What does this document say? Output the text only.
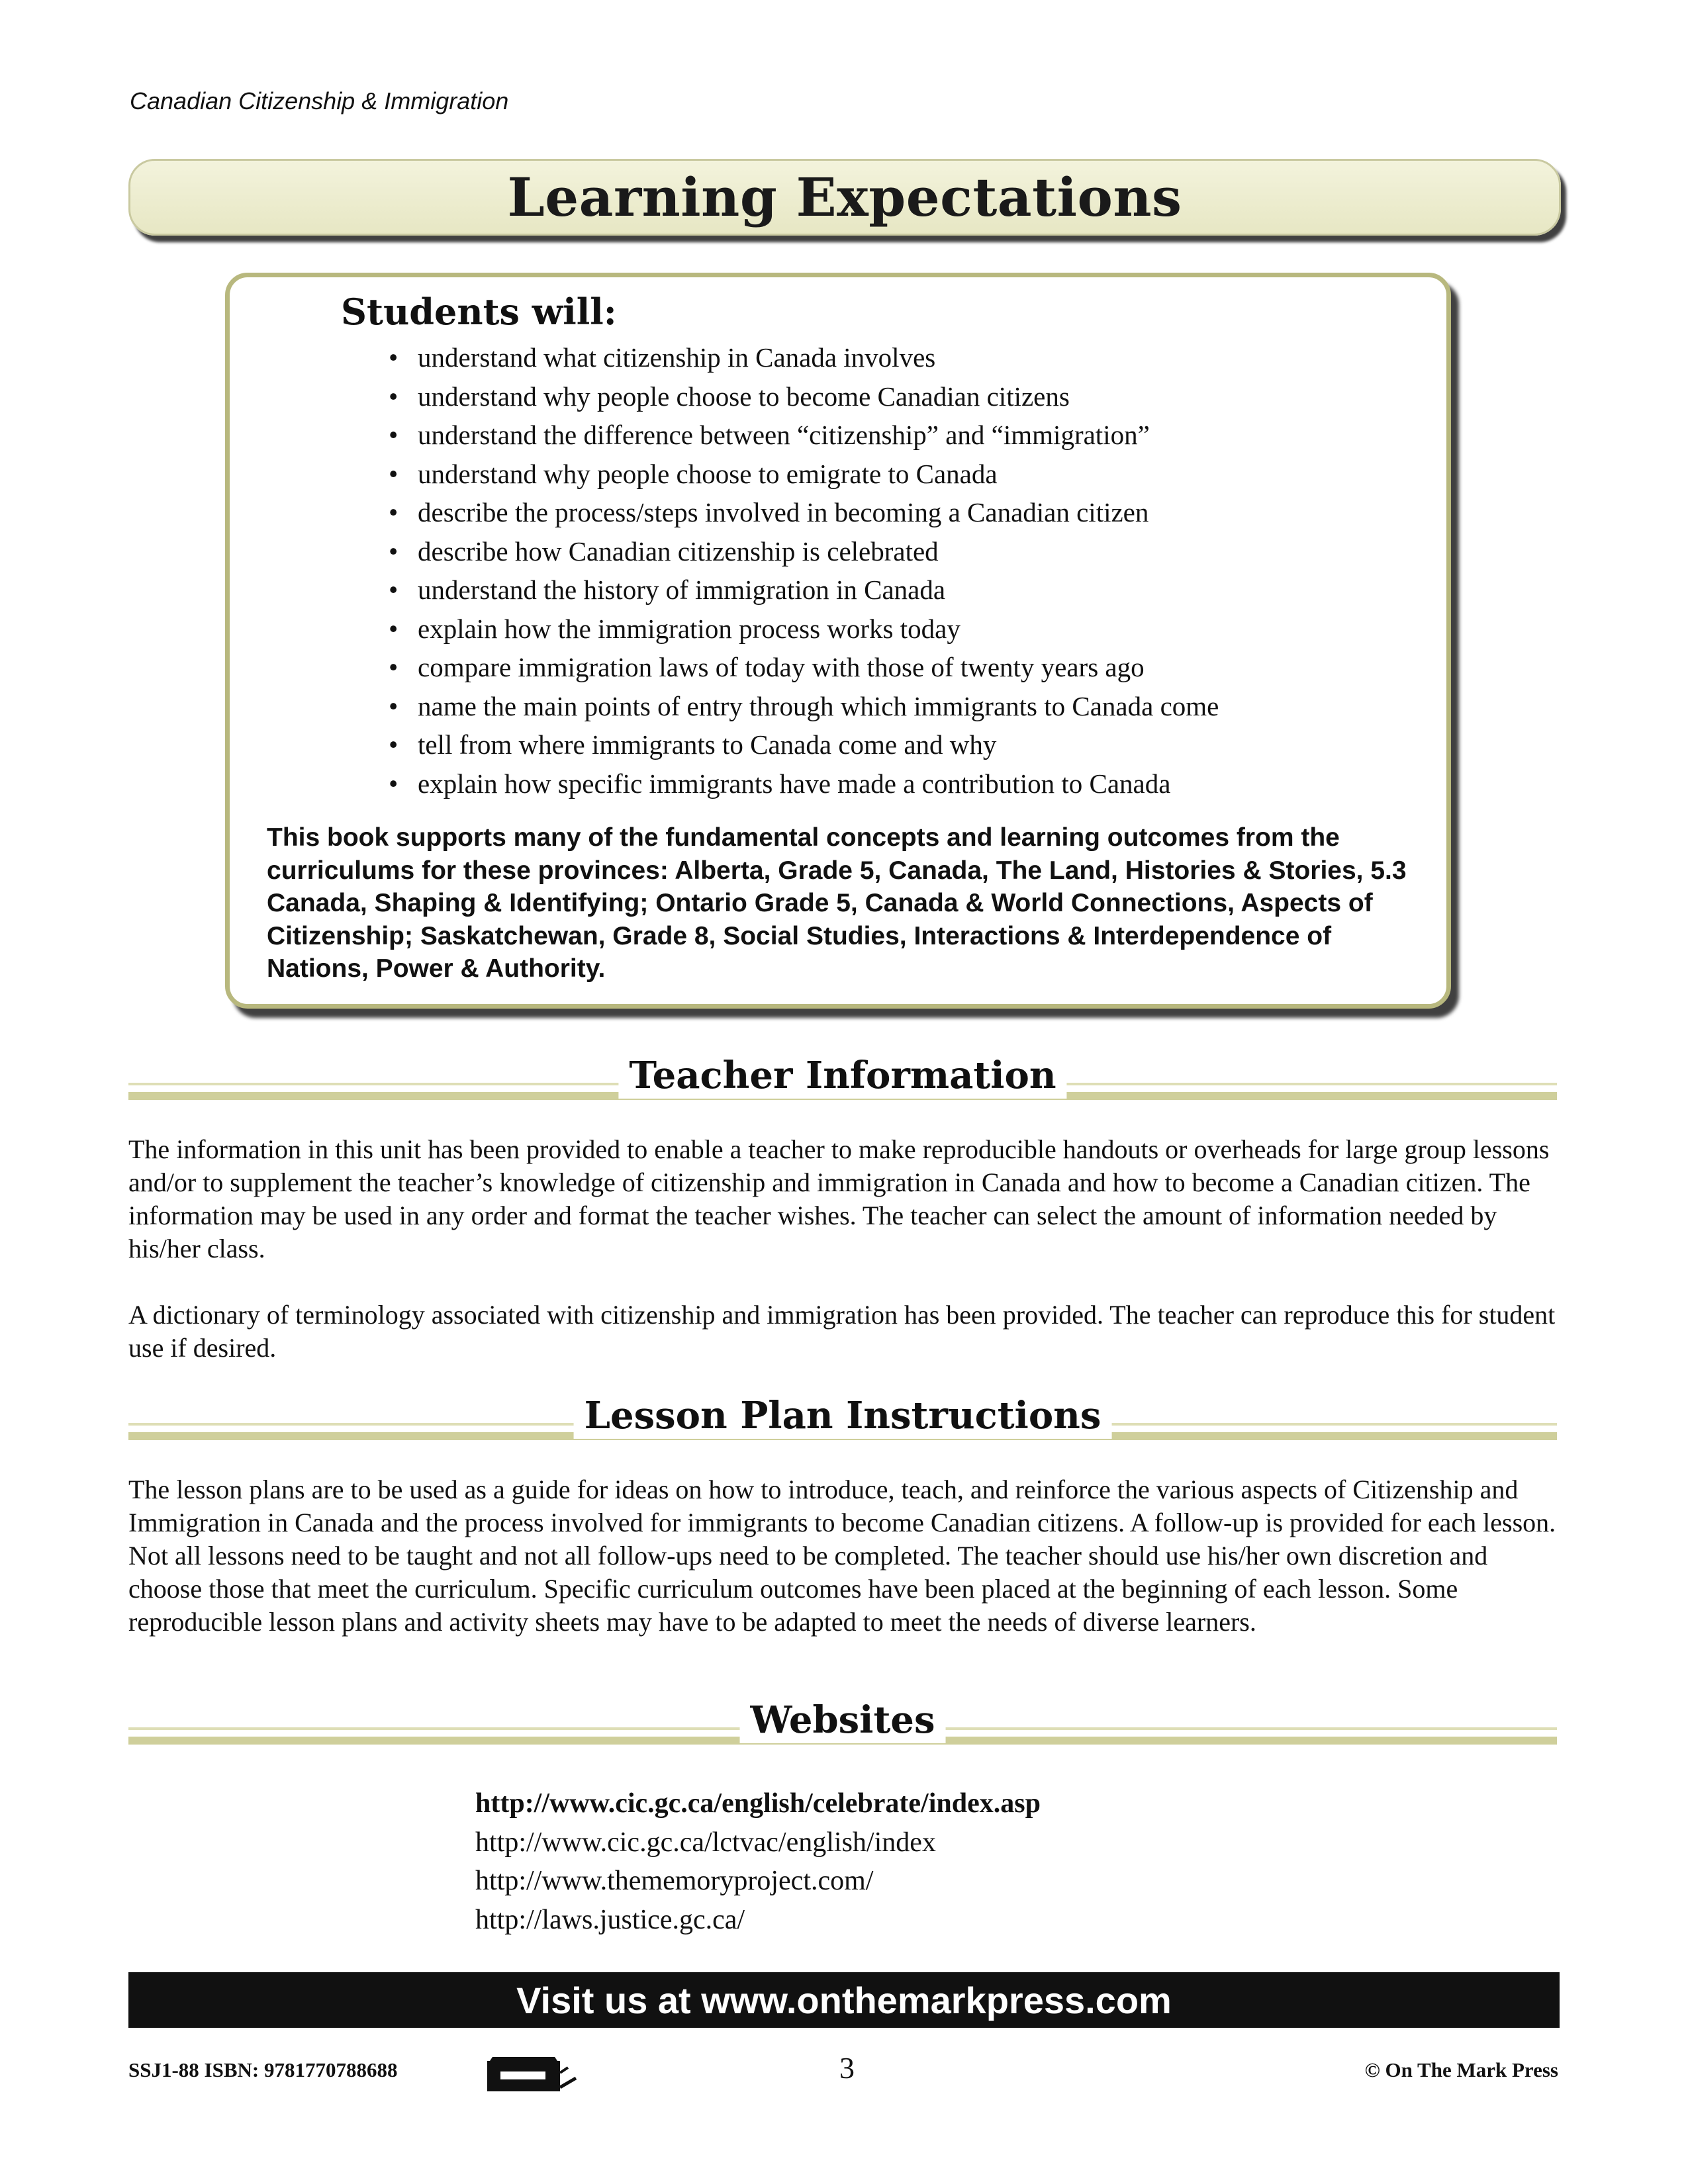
Canadian Citizenship & Immigration
Learning Expectations
Students will:
• understand what citizenship in Canada involves
• understand why people choose to become Canadian citizens
• understand the difference between “citizenship” and “immigration”
• understand why people choose to emigrate to Canada
• describe the process/steps involved in becoming a Canadian citizen
• describe how Canadian citizenship is celebrated
• understand the history of immigration in Canada
• explain how the immigration process works today
• compare immigration laws of today with those of twenty years ago
• name the main points of entry through which immigrants to Canada come
• tell from where immigrants to Canada come and why
• explain how specific immigrants have made a contribution to Canada

This book supports many of the fundamental concepts and learning outcomes from the curriculums for these provinces: Alberta, Grade 5, Canada, The Land, Histories & Stories, 5.3 Canada, Shaping & Identifying; Ontario Grade 5, Canada & World Connections, Aspects of Citizenship; Saskatchewan, Grade 8, Social Studies, Interactions & Interdependence of Nations, Power & Authority.

Teacher Information

The information in this unit has been provided to enable a teacher to make reproducible handouts or overheads for large group lessons and/or to supplement the teacher’s knowledge of citizenship and immigration in Canada and how to become a Canadian citizen. The information may be used in any order and format the teacher wishes. The teacher can select the amount of information needed by his/her class.

A dictionary of terminology associated with citizenship and immigration has been provided. The teacher can reproduce this for student use if desired.

Lesson Plan Instructions

The lesson plans are to be used as a guide for ideas on how to introduce, teach, and reinforce the various aspects of Citizenship and Immigration in Canada and the process involved for immigrants to become Canadian citizens. A follow-up is provided for each lesson. Not all lessons need to be taught and not all follow-ups need to be completed. The teacher should use his/her own discretion and choose those that meet the curriculum. Specific curriculum outcomes have been placed at the beginning of each lesson. Some reproducible lesson plans and activity sheets may have to be adapted to meet the needs of diverse learners.

Websites
http://www.cic.gc.ca/english/celebrate/index.asp
http://www.cic.gc.ca/lctvac/english/index
http://www.thememoryproject.com/
http://laws.justice.gc.ca/
Visit us at www.onthemarkpress.com
SSJ1-88 ISBN: 9781770788688	3	© On The Mark Press
